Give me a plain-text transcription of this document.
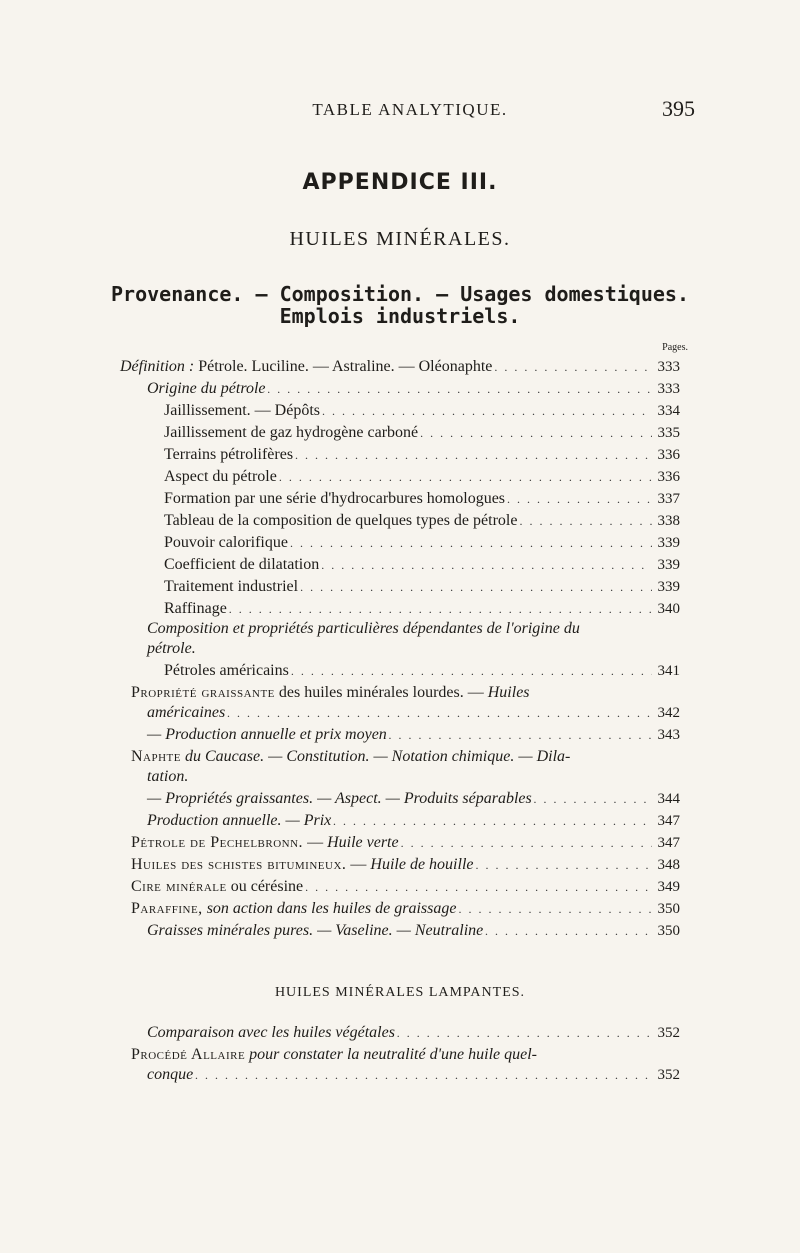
TABLE ANALYTIQUE.	395
APPENDICE III.
HUILES MINÉRALES.
Provenance. — Composition. — Usages domestiques.
Emplois industriels.
Pages.
Définition : Pétrole. Luciline. — Astraline. — Oléonaphte . . .	333
Origine du pétrole . . .	333
Jaillissement. — Dépôts . . .	334
Jaillissement de gaz hydrogène carboné . . .	335
Terrains pétrolifères . . .	336
Aspect du pétrole . . .	336
Formation par une série d'hydrocarbures homologues . . .	337
Tableau de la composition de quelques types de pétrole . . .	338
Pouvoir calorifique . . .	339
Coefficient de dilatation . . .	339
Traitement industriel . . .	339
Raffinage . . .	340
Composition et propriétés particulières dépendantes de l'origine du
pétrole.
Pétroles américains . . .	341
Propriété graissante des huiles minérales lourdes. — Huiles
américaines . . .	342
— Production annuelle et prix moyen . . .	343
Naphte du Caucase. — Constitution. — Notation chimique. — Dila-
tation.
— Propriétés graissantes. — Aspect. — Produits séparables . . .	344
Production annuelle. — Prix . . .	347
Pétrole de Pechelbronn. — Huile verte . . .	347
Huiles des schistes bitumineux. — Huile de houille . . .	348
Cire minérale ou cérésine . . .	349
Paraffine, son action dans les huiles de graissage . . .	350
Graisses minérales pures. — Vaseline. — Neutraline . . .	350
HUILES MINÉRALES LAMPANTES.
Comparaison avec les huiles végétales . . .	352
Procédé Allaire pour constater la neutralité d'une huile quel-
conque . . .	352
